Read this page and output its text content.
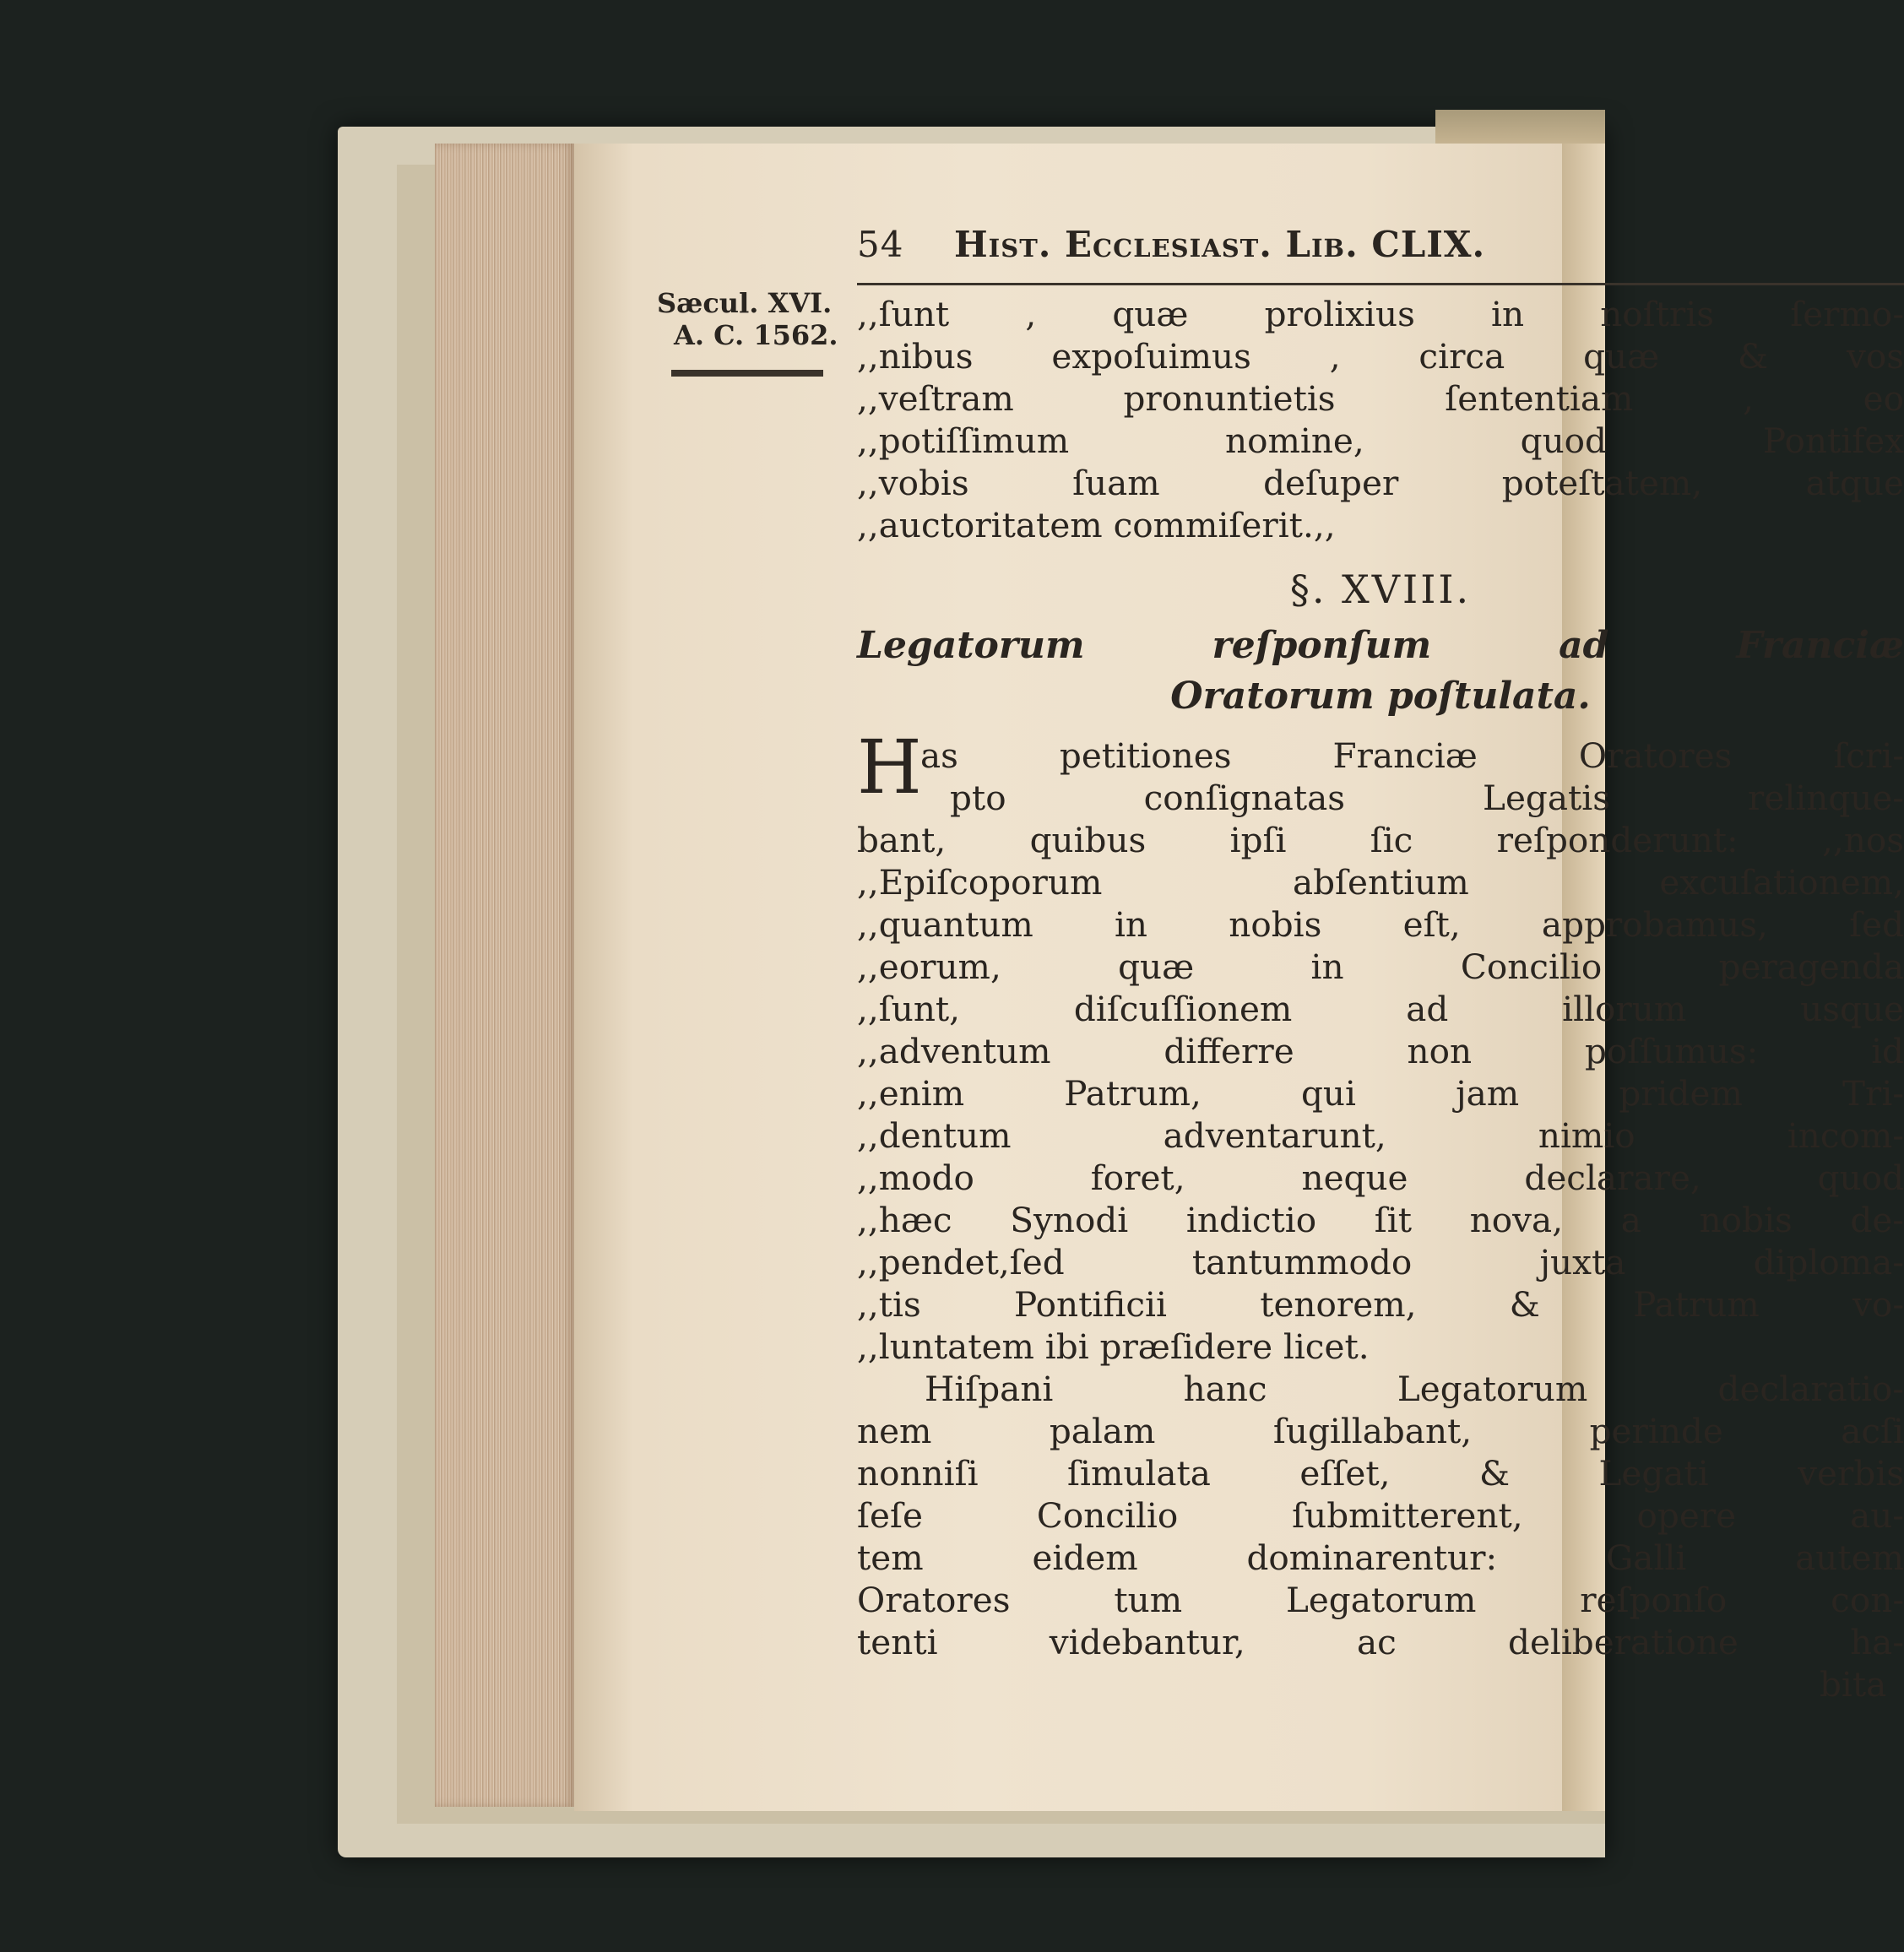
54 Hist. Ecclesiast. Lib. CLIX.
Sæcul. XVI.
A. C. 1562.
,,ſunt , quæ prolixius in noſtris ſermo-
,,nibus expoſuimus , circa quæ & vos
,,veſtram pronuntietis ſententiam , eo
,,potiſſimum nomine, quod Pontifex
,,vobis ſuam deſuper poteſtatem, atque
,,auctoritatem commiſerit.,,
§. XVIII.
Legatorum reſponſum ad Franciæ
Oratorum poſtulata.
H
as petitiones Franciæ Oratores ſcri-
pto conſignatas Legatis relinque-
bant, quibus ipſi ſic reſponderunt: ,,nos
,,Epiſcoporum abſentium excuſationem,
,,quantum in nobis eſt, approbamus, ſed
,,eorum, quæ in Concilio peragenda
,,ſunt, diſcuſſionem ad illorum usque
,,adventum differre non poſſumus: id
,,enim Patrum, qui jam pridem Tri-
,,dentum adventarunt, nimio incom-
,,modo foret, neque declarare, quod
,,hæc Synodi indictio ſit nova, a nobis de-
,,pendet,ſed tantummodo juxta diploma-
,,tis Pontificii tenorem, & Patrum vo-
,,luntatem ibi præſidere licet.
Hiſpani hanc Legatorum declaratio-
nem palam ſugillabant, perinde acſi
nonniſi ſimulata eſſet, & Legati verbis
ſeſe Concilio ſubmitterent, opere au-
tem eidem dominarentur: Galli autem
Oratores tum Legatorum reſponſo con-
tenti videbantur, ac deliberatione ha-
bita
